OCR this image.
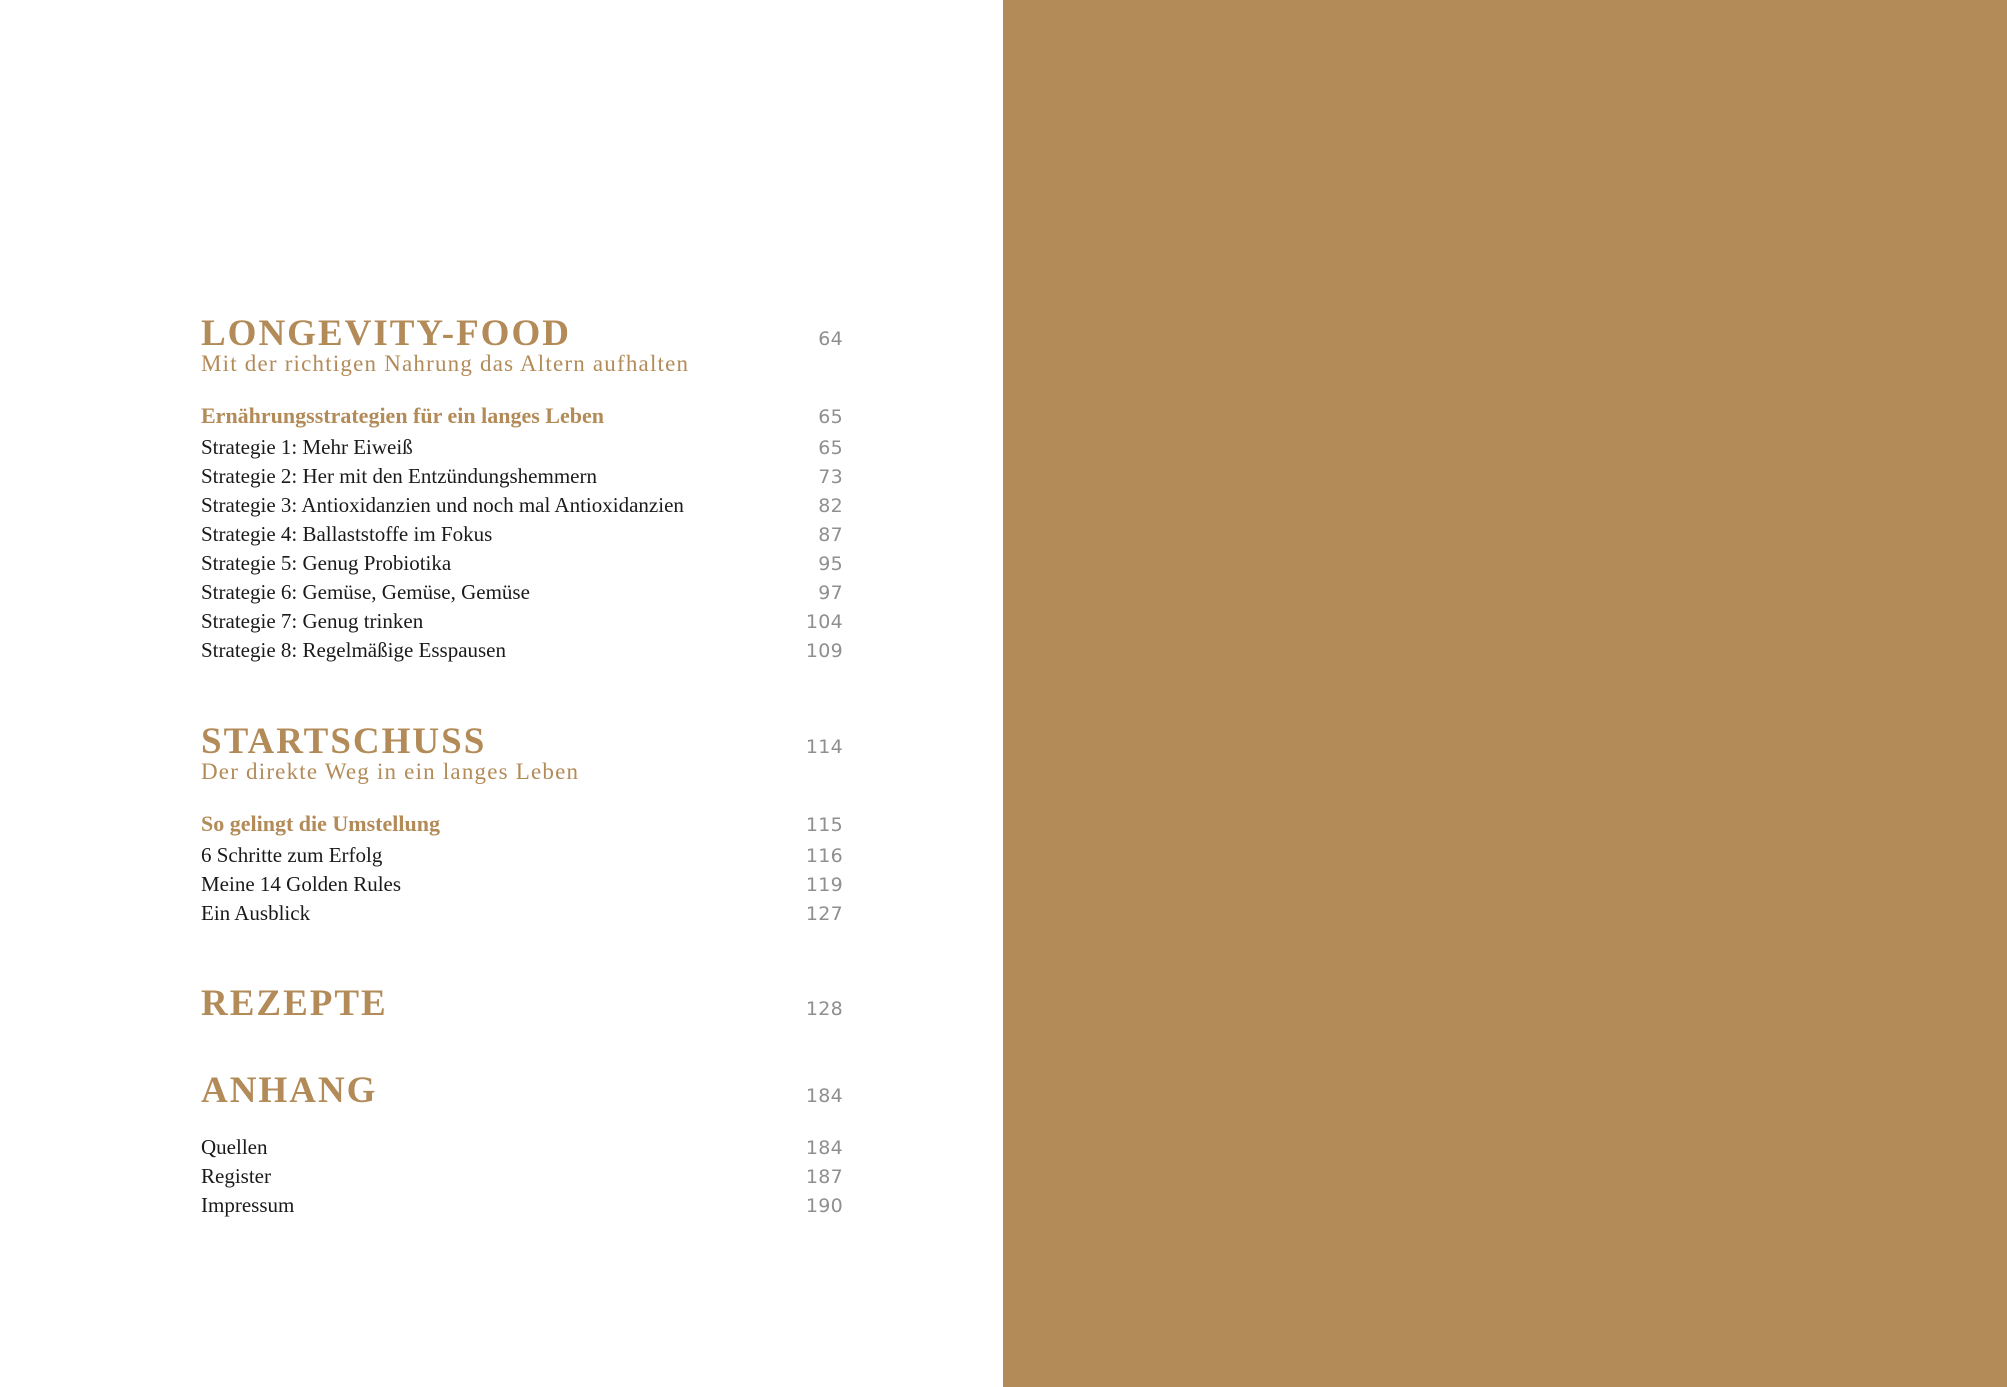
LONGEVITY-FOOD	64
Mit der richtigen Nahrung das Altern aufhalten
Ernährungsstrategien für ein langes Leben	65
Strategie 1: Mehr Eiweiß	65
Strategie 2: Her mit den Entzündungshemmern	73
Strategie 3: Antioxidanzien und noch mal Antioxidanzien	82
Strategie 4: Ballaststoffe im Fokus	87
Strategie 5: Genug Probiotika	95
Strategie 6: Gemüse, Gemüse, Gemüse	97
Strategie 7: Genug trinken	104
Strategie 8: Regelmäßige Esspausen	109
STARTSCHUSS	114
Der direkte Weg in ein langes Leben
So gelingt die Umstellung	115
6 Schritte zum Erfolg	116
Meine 14 Golden Rules	119
Ein Ausblick	127
REZEPTE	128
ANHANG	184
Quellen	184
Register	187
Impressum	190
